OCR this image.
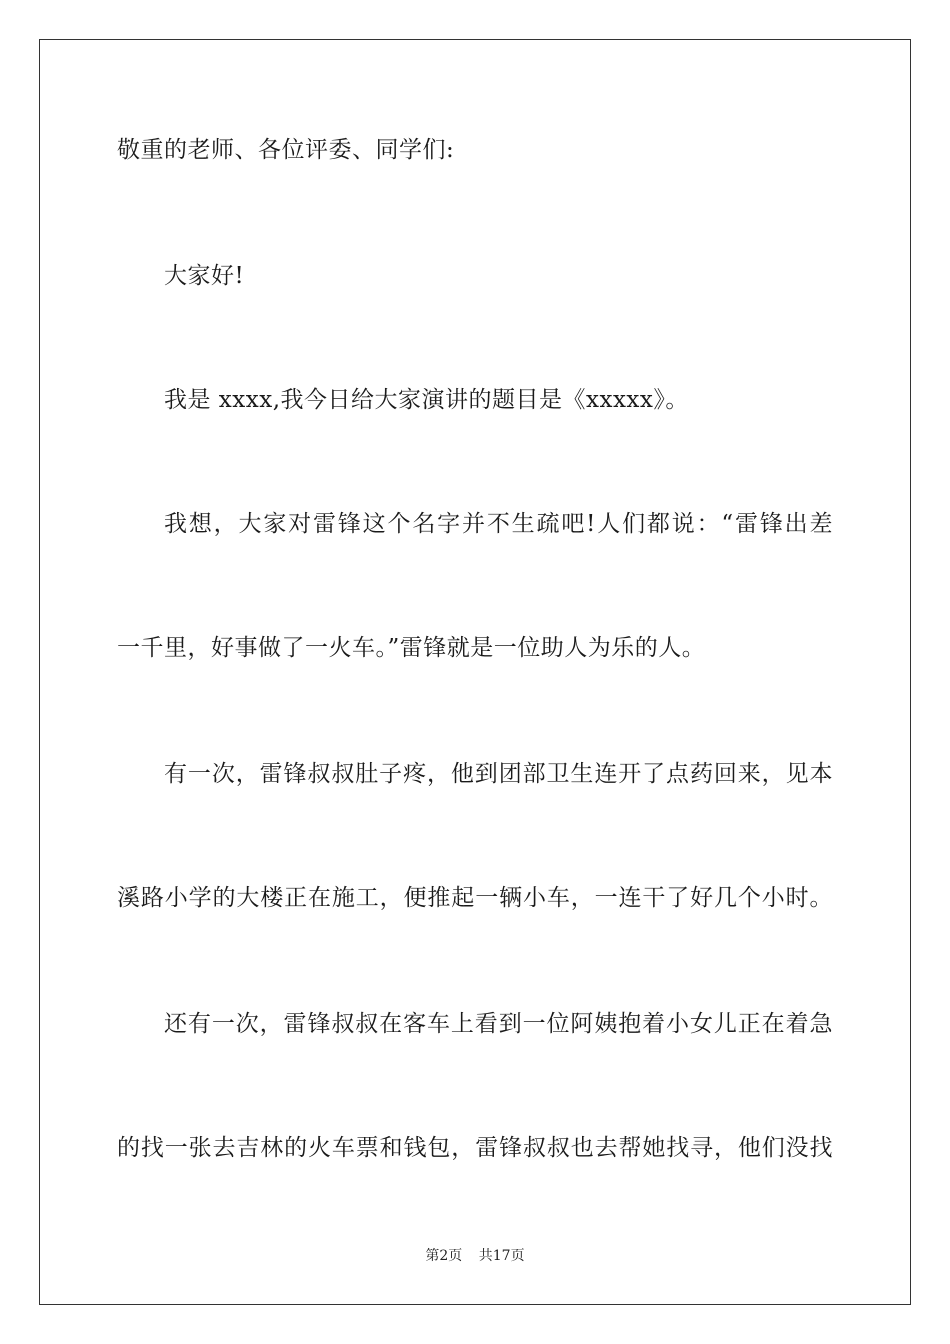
敬重的老师、各位评委、同学们:
大家好!
我是 xxxx,我今日给大家演讲的题目是《xxxxx》。
我想，大家对雷锋这个名字并不生疏吧!人们都说：“雷锋出差
一千里，好事做了一火车。”雷锋就是一位助人为乐的人。
有一次，雷锋叔叔肚子疼，他到团部卫生连开了点药回来，见本
溪路小学的大楼正在施工，便推起一辆小车，一连干了好几个小时。
还有一次，雷锋叔叔在客车上看到一位阿姨抱着小女儿正在着急
的找一张去吉林的火车票和钱包，雷锋叔叔也去帮她找寻，他们没找
第2页 共17页
